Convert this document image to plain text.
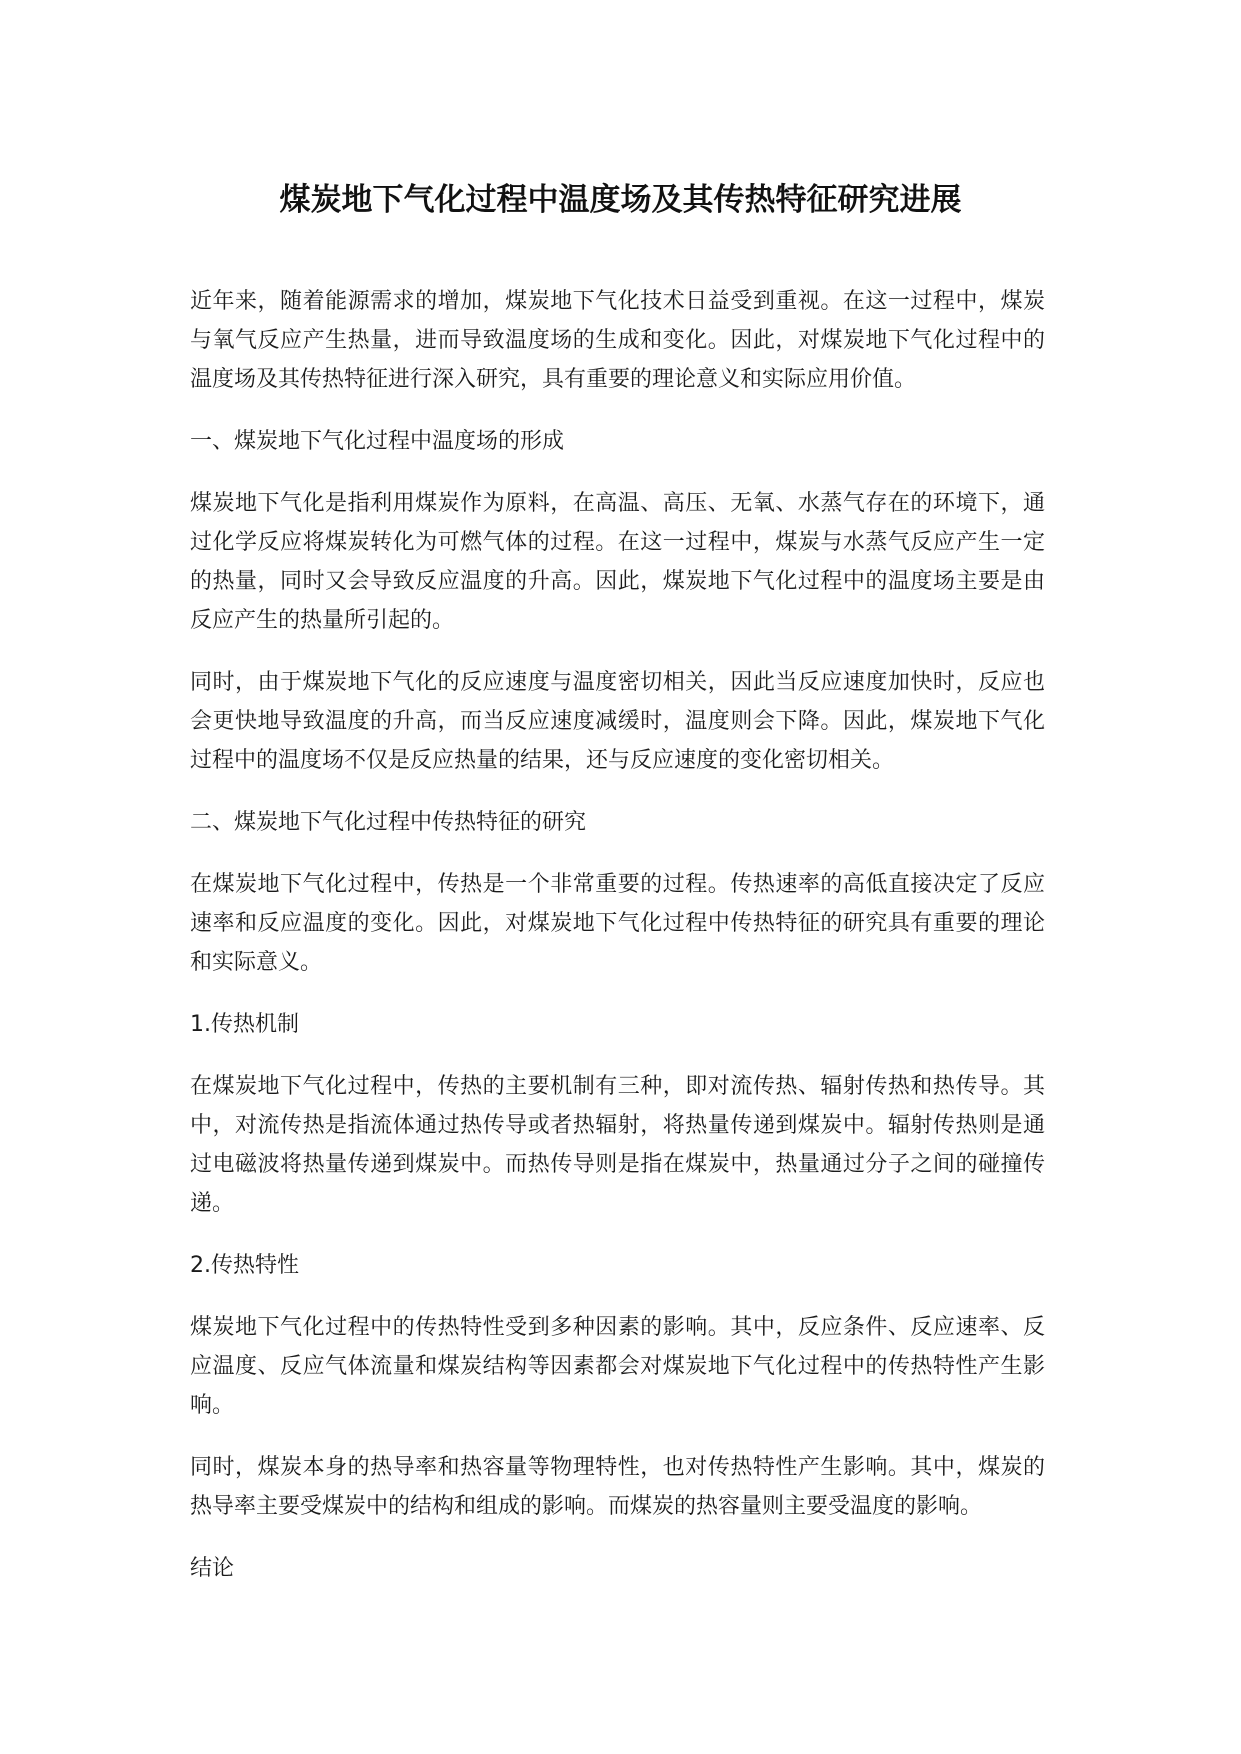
煤炭地下气化过程中温度场及其传热特征研究进展

近年来，随着能源需求的增加，煤炭地下气化技术日益受到重视。在这一过程中，煤炭与氧气反应产生热量，进而导致温度场的生成和变化。因此，对煤炭地下气化过程中的温度场及其传热特征进行深入研究，具有重要的理论意义和实际应用价值。

一、煤炭地下气化过程中温度场的形成

煤炭地下气化是指利用煤炭作为原料，在高温、高压、无氧、水蒸气存在的环境下，通过化学反应将煤炭转化为可燃气体的过程。在这一过程中，煤炭与水蒸气反应产生一定的热量，同时又会导致反应温度的升高。因此，煤炭地下气化过程中的温度场主要是由反应产生的热量所引起的。

同时，由于煤炭地下气化的反应速度与温度密切相关，因此当反应速度加快时，反应也会更快地导致温度的升高，而当反应速度减缓时，温度则会下降。因此，煤炭地下气化过程中的温度场不仅是反应热量的结果，还与反应速度的变化密切相关。

二、煤炭地下气化过程中传热特征的研究

在煤炭地下气化过程中，传热是一个非常重要的过程。传热速率的高低直接决定了反应速率和反应温度的变化。因此，对煤炭地下气化过程中传热特征的研究具有重要的理论和实际意义。

1.传热机制

在煤炭地下气化过程中，传热的主要机制有三种，即对流传热、辐射传热和热传导。其中，对流传热是指流体通过热传导或者热辐射，将热量传递到煤炭中。辐射传热则是通过电磁波将热量传递到煤炭中。而热传导则是指在煤炭中，热量通过分子之间的碰撞传递。

2.传热特性

煤炭地下气化过程中的传热特性受到多种因素的影响。其中，反应条件、反应速率、反应温度、反应气体流量和煤炭结构等因素都会对煤炭地下气化过程中的传热特性产生影响。

同时，煤炭本身的热导率和热容量等物理特性，也对传热特性产生影响。其中，煤炭的热导率主要受煤炭中的结构和组成的影响。而煤炭的热容量则主要受温度的影响。

结论
